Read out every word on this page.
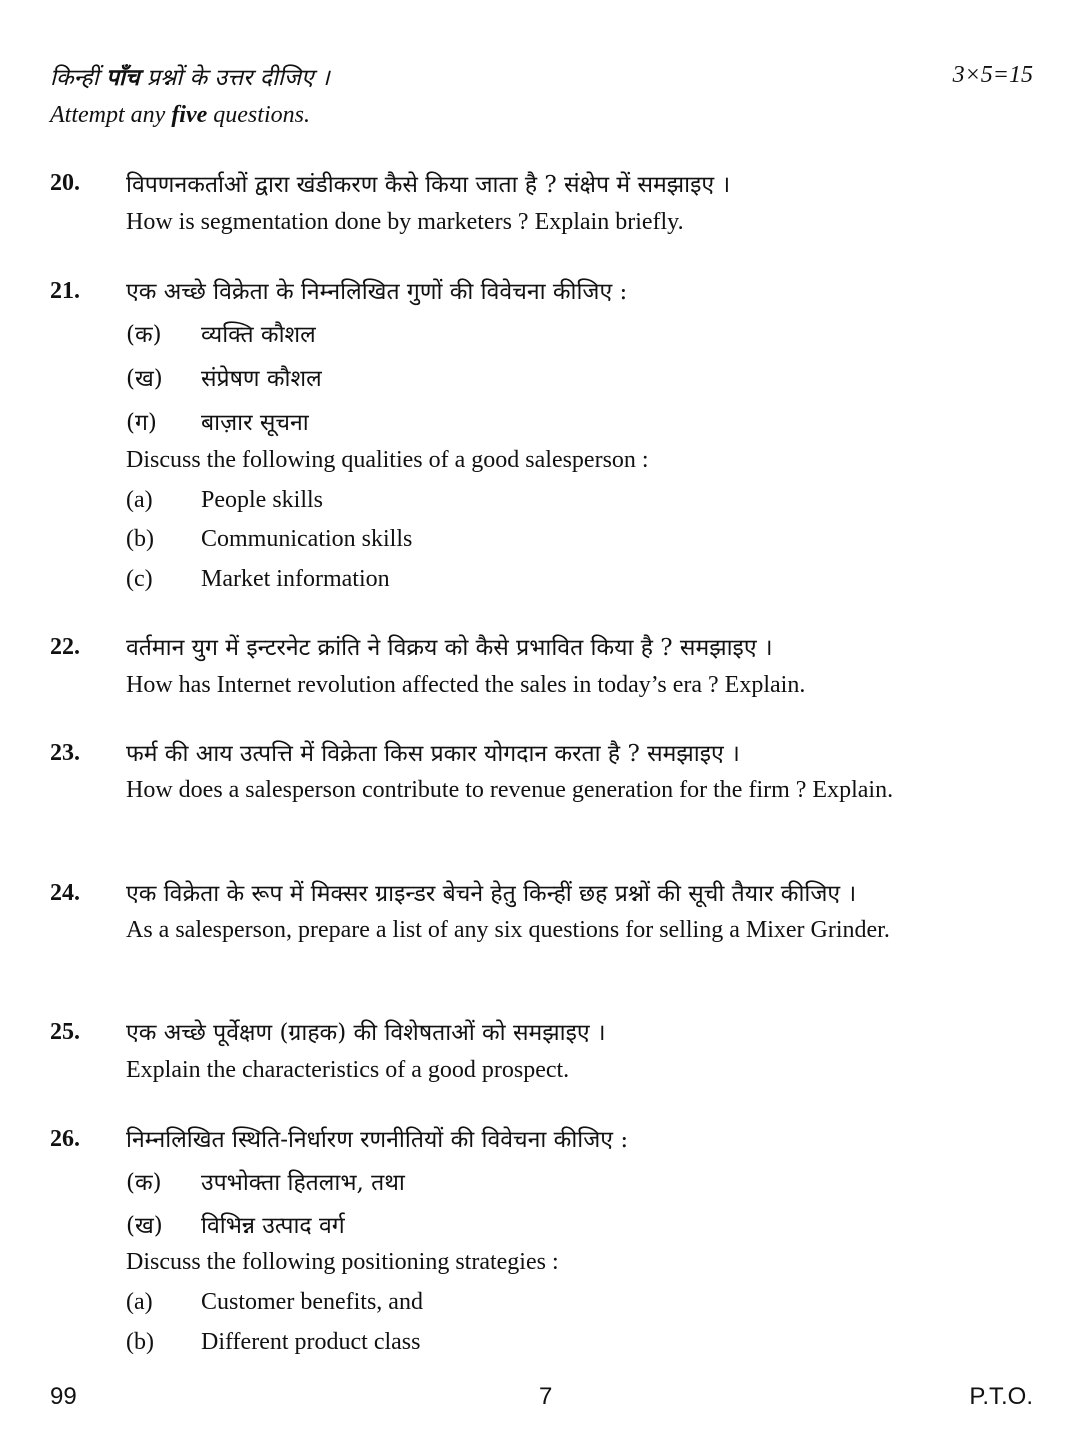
किन्हीं पाँच प्रश्नों के उत्तर दीजिए ।	3×5=15
Attempt any five questions.
20. विपणनकर्ताओं द्वारा खंडीकरण कैसे किया जाता है ? संक्षेप में समझाइए ।
How is segmentation done by marketers ? Explain briefly.
21. एक अच्छे विक्रेता के निम्नलिखित गुणों की विवेचना कीजिए :
(क) व्यक्ति कौशल
(ख) संप्रेषण कौशल
(ग) बाज़ार सूचना
Discuss the following qualities of a good salesperson :
(a) People skills
(b) Communication skills
(c) Market information
22. वर्तमान युग में इन्टरनेट क्रांति ने विक्रय को कैसे प्रभावित किया है ? समझाइए ।
How has Internet revolution affected the sales in today’s era ? Explain.
23. फर्म की आय उत्पत्ति में विक्रेता किस प्रकार योगदान करता है ? समझाइए ।
How does a salesperson contribute to revenue generation for the firm ? Explain.
24. एक विक्रेता के रूप में मिक्सर ग्राइन्डर बेचने हेतु किन्हीं छह प्रश्नों की सूची तैयार कीजिए ।
As a salesperson, prepare a list of any six questions for selling a Mixer Grinder.
25. एक अच्छे पूर्वेक्षण (ग्राहक) की विशेषताओं को समझाइए ।
Explain the characteristics of a good prospect.
26. निम्नलिखित स्थिति-निर्धारण रणनीतियों की विवेचना कीजिए :
(क) उपभोक्ता हितलाभ, तथा
(ख) विभिन्न उत्पाद वर्ग
Discuss the following positioning strategies :
(a) Customer benefits, and
(b) Different product class
99	7	P.T.O.
